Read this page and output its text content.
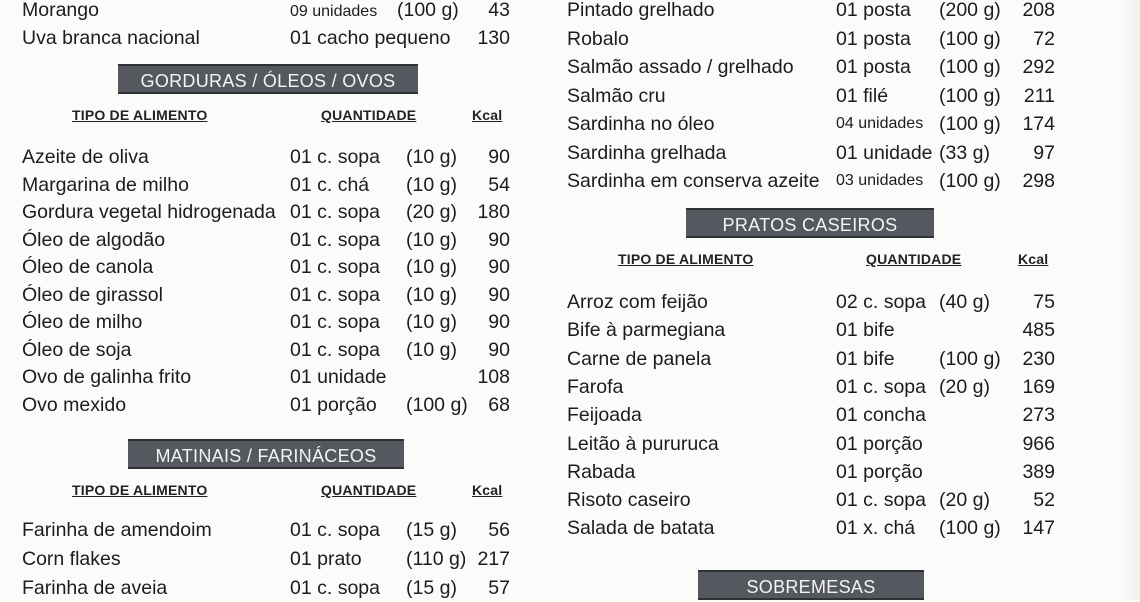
Morango	09 unidades (100 g) 43
Uva branca nacional	01 cacho pequeno 130
GORDURAS / ÓLEOS / OVOS
TIPO DE ALIMENTO	QUANTIDADE	Kcal
Azeite de oliva	01 c. sopa (10 g) 90
Margarina de milho	01 c. chá (10 g) 54
Gordura vegetal hidrogenada 01 c. sopa (20 g) 180
Óleo de algodão	01 c. sopa (10 g) 90
Óleo de canola	01 c. sopa (10 g) 90
Óleo de girassol	01 c. sopa (10 g) 90
Óleo de milho	01 c. sopa (10 g) 90
Óleo de soja	01 c. sopa (10 g) 90
Ovo de galinha frito	01 unidade	108
Ovo mexido	01 porção (100 g) 68
MATINAIS / FARINÁCEOS
TIPO DE ALIMENTO	QUANTIDADE	Kcal
Farinha de amendoim	01 c. sopa (15 g) 56
Corn flakes	01 prato (110 g) 217
Farinha de aveia	01 c. sopa (15 g) 57
Pintado grelhado	01 posta (200 g) 208
Robalo	01 posta (100 g) 72
Salmão assado / grelhado 01 posta (100 g) 292
Salmão cru	01 filé	(100 g) 211
Sardinha no óleo	04 unidades (100 g) 174
Sardinha grelhada	01 unidade (33 g) 97
Sardinha em conserva azeite 03 unidades (100 g) 298
PRATOS CASEIROS
TIPO DE ALIMENTO	QUANTIDADE	Kcal
Arroz com feijão	02 c. sopa (40 g) 75
Bife à parmegiana	01 bife	485
Carne de panela	01 bife (100 g) 230
Farofa	01 c. sopa (20 g) 169
Feijoada	01 concha	273
Leitão à pururuca	01 porção	966
Rabada	01 porção	389
Risoto caseiro	01 c. sopa (20 g) 52
Salada de batata	01 x. chá (100 g) 147
SOBREMESAS
